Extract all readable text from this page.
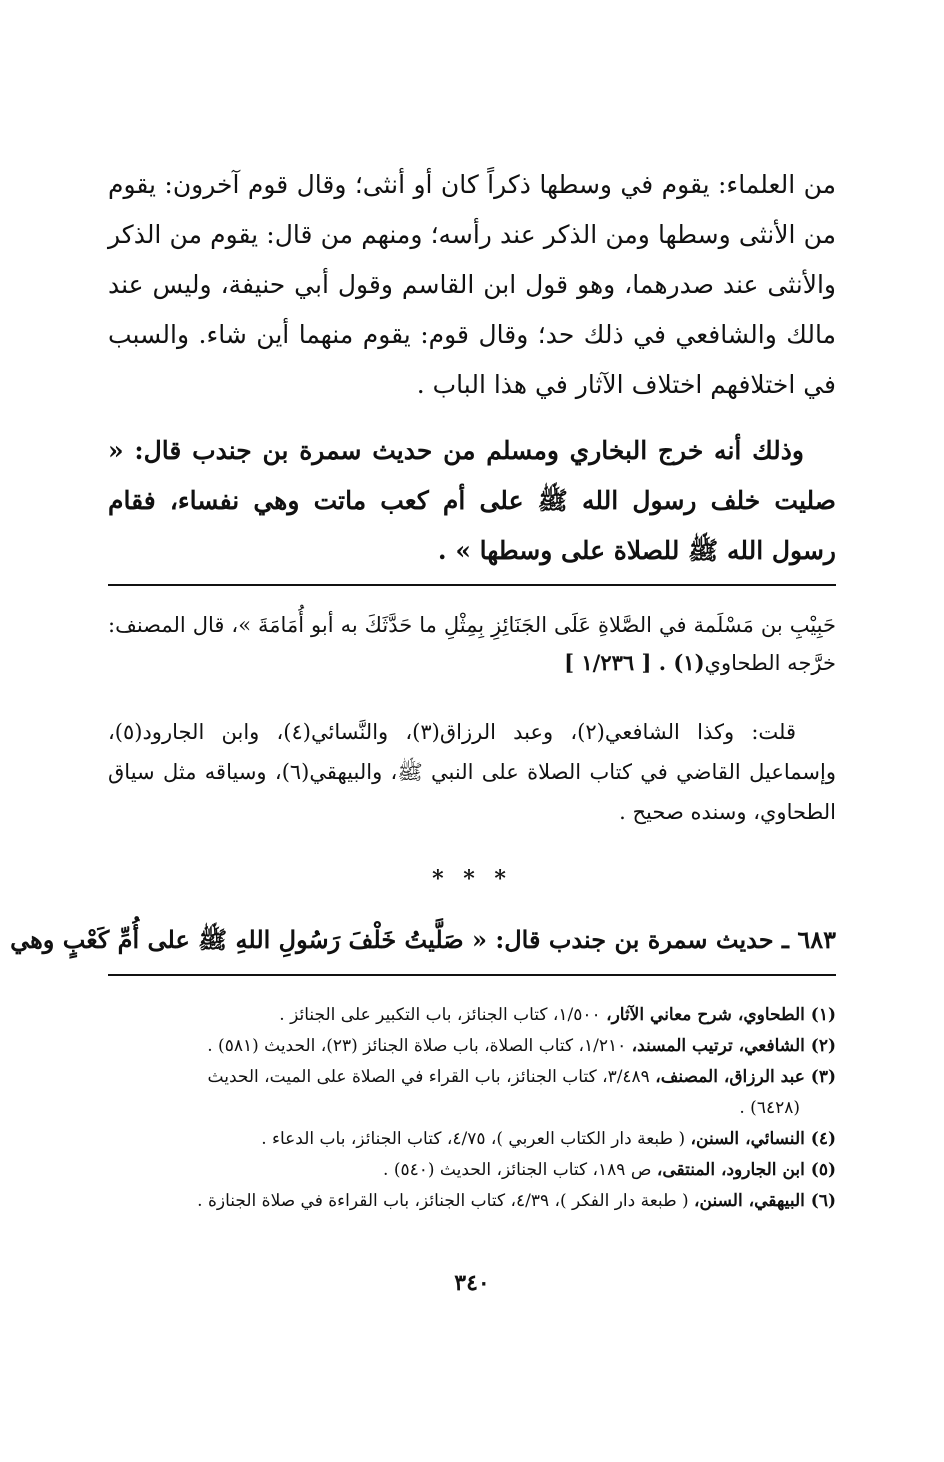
من العلماء: يقوم في وسطها ذكراً كان أو أنثى؛ وقال قوم آخرون: يقوم من الأنثى وسطها ومن الذكر عند رأسه؛ ومنهم من قال: يقوم من الذكر والأنثى عند صدرهما، وهو قول ابن القاسم وقول أبي حنيفة، وليس عند مالك والشافعي في ذلك حد؛ وقال قوم: يقوم منهما أين شاء. والسبب في اختلافهم اختلاف الآثار في هذا الباب .

وذلك أنه خرج البخاري ومسلم من حديث سمرة بن جندب قال: « صليت خلف رسول الله ﷺ على أم كعب ماتت وهي نفساء، فقام رسول الله ﷺ للصلاة على وسطها » .

حَبِيْبِ بن مَسْلَمة في الصَّلاةِ عَلَى الجَنَائِزِ بِمِثْلِ ما حَدَّثَكَ به أبو أُمَامَةَ »، قال المصنف: خرَّجه الطحاوي(١) . [ ١/٢٣٦ ]

قلت: وكذا الشافعي(٢)، وعبد الرزاق(٣)، والنَّسائي(٤)، وابن الجارود(٥)، وإسماعيل القاضي في كتاب الصلاة على النبي ﷺ، والبيهقي(٦)، وسياقه مثل سياق الطحاوي، وسنده صحيح .

* * *
٦٨٣ ـ حديث سمرة بن جندب قال: « صَلَّيتُ خَلْفَ رَسُولِ اللهِ ﷺ على أُمِّ كَعْبٍ وهي
(١) الطحاوي، شرح معاني الآثار، ١/٥٠٠، كتاب الجنائز، باب التكبير على الجنائز .
(٢) الشافعي، ترتيب المسند، ١/٢١٠، كتاب الصلاة، باب صلاة الجنائز (٢٣)، الحديث (٥٨١) .
(٣) عبد الرزاق، المصنف، ٣/٤٨٩، كتاب الجنائز، باب القراء في الصلاة على الميت، الحديث
(٦٤٢٨) .
(٤) النسائي، السنن، ( طبعة دار الكتاب العربي )، ٤/٧٥، كتاب الجنائز، باب الدعاء .
(٥) ابن الجارود، المنتقى، ص ١٨٩، كتاب الجنائز، الحديث (٥٤٠) .
(٦) البيهقي، السنن، ( طبعة دار الفكر )، ٤/٣٩، كتاب الجنائز، باب القراءة في صلاة الجنازة .
٣٤٠
